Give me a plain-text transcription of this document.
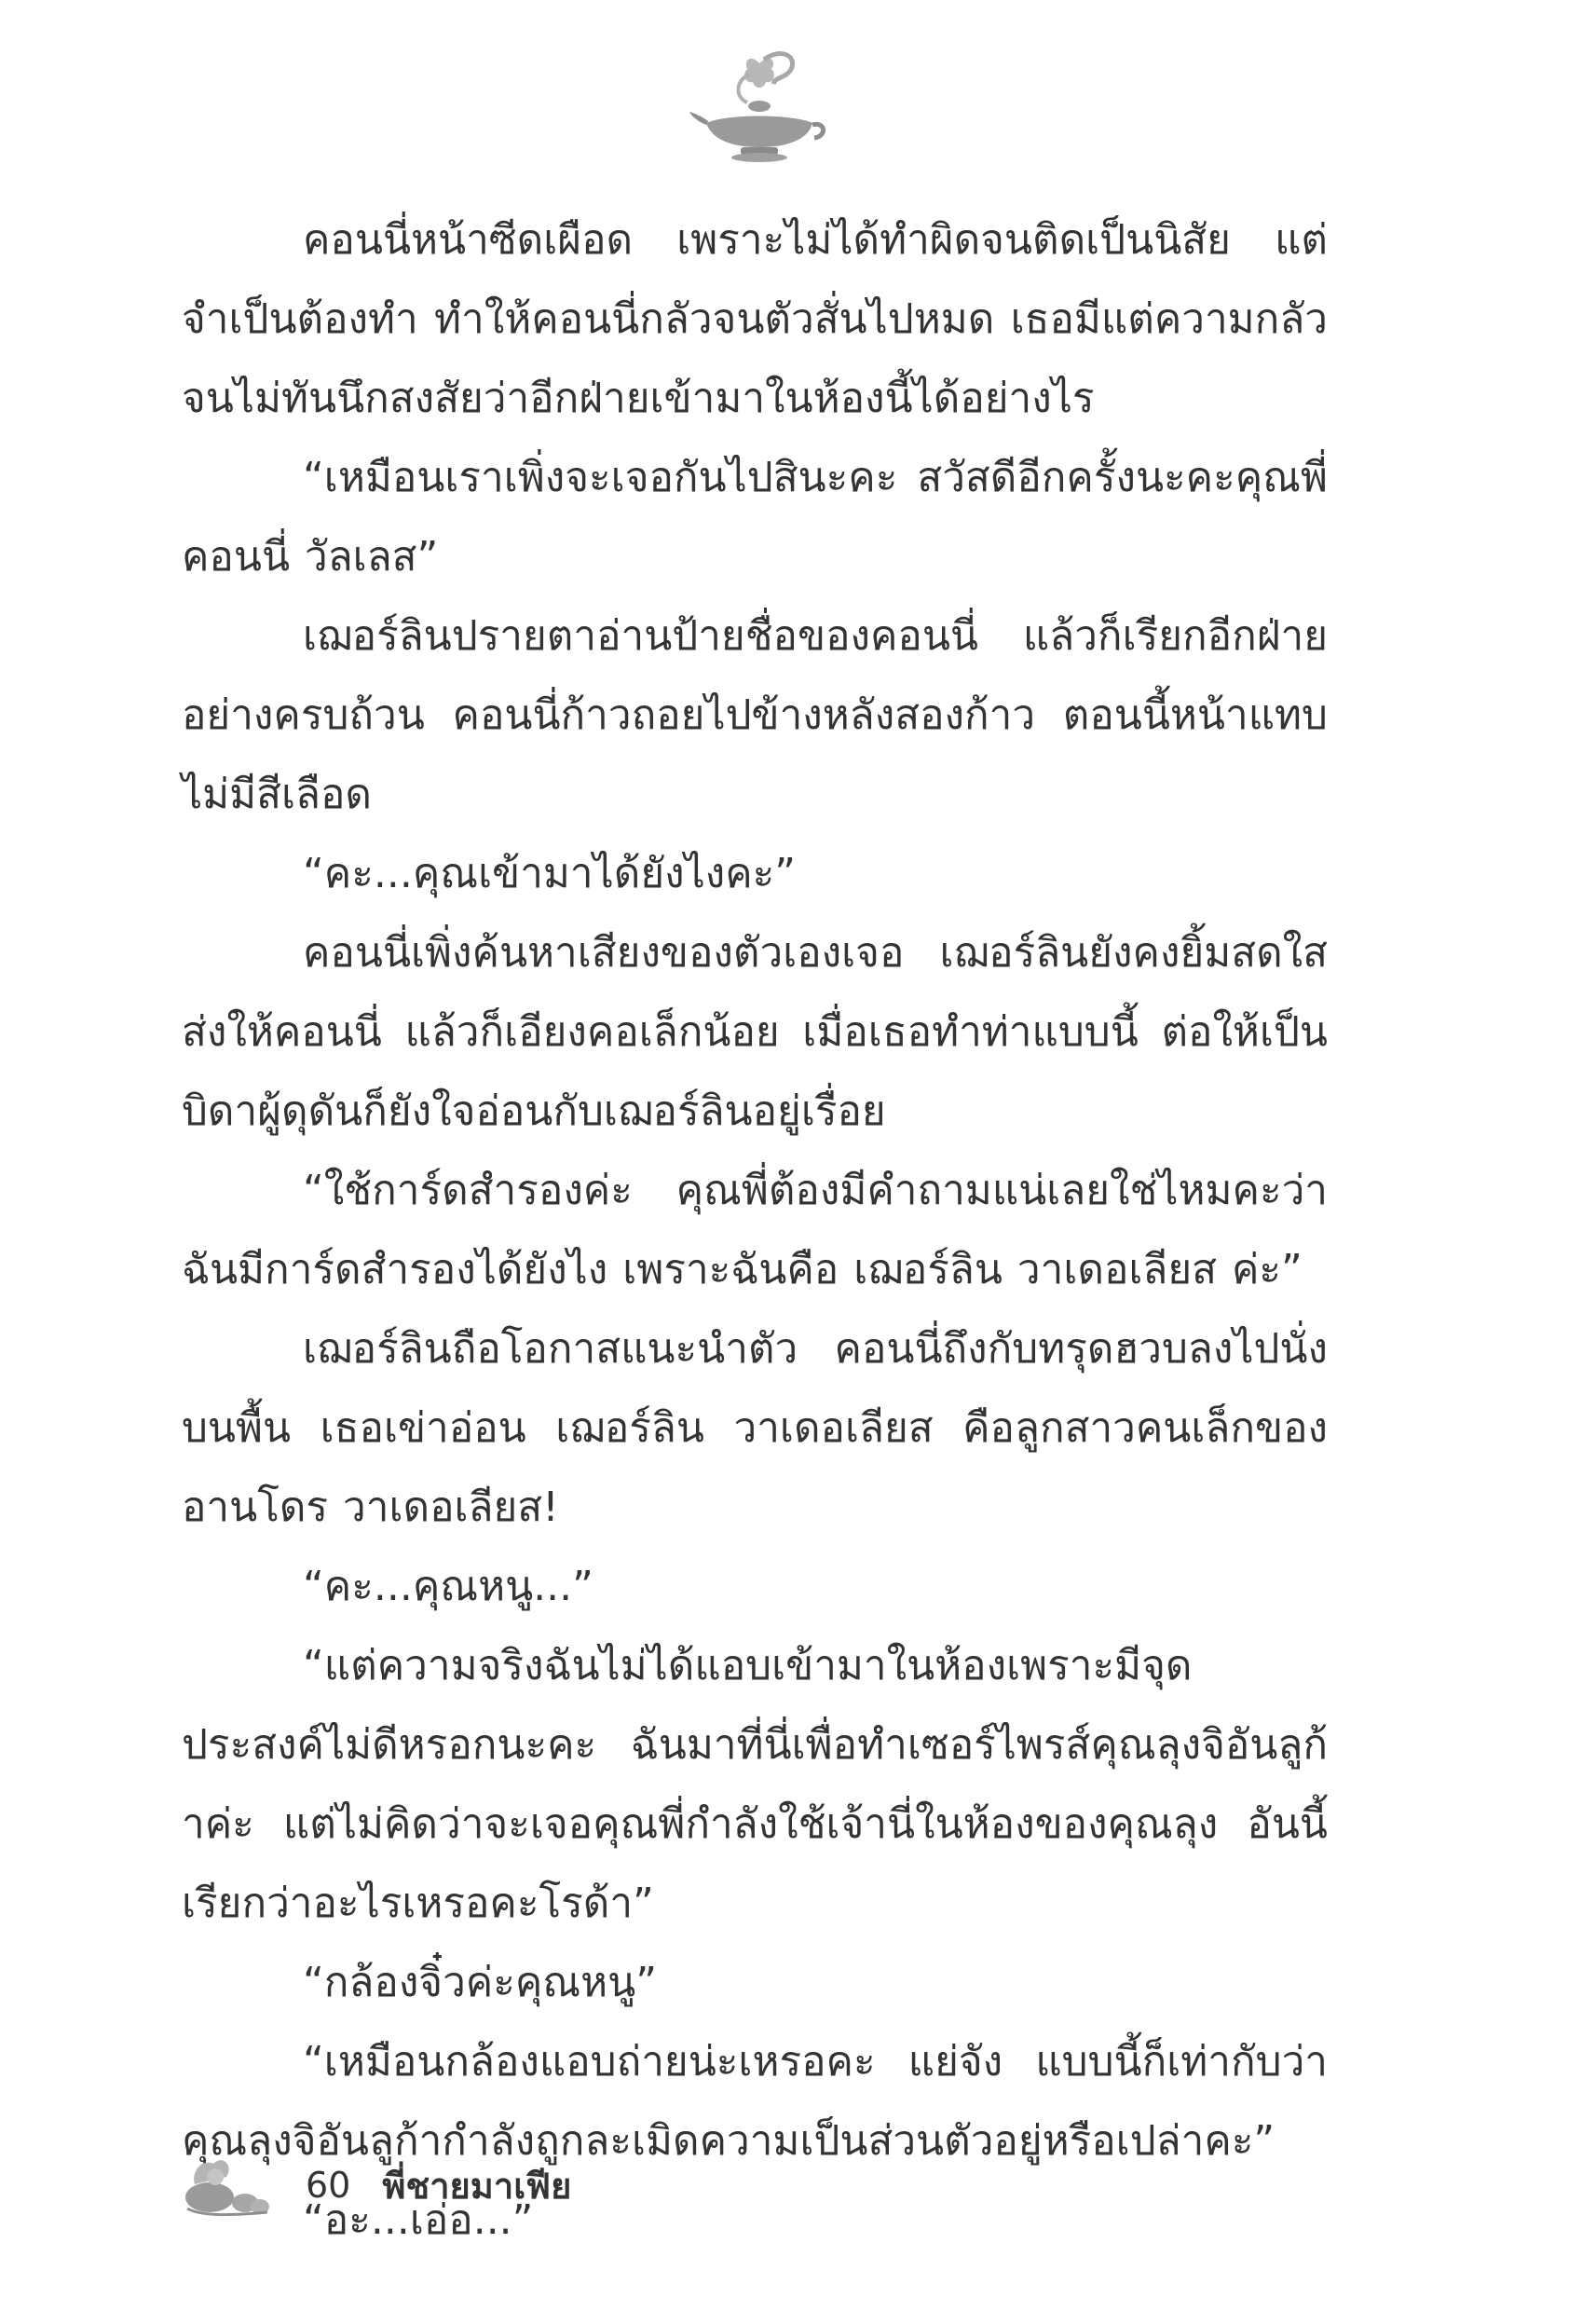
คอนนี่หน้าซีดเผือด เพราะไม่ได้ทำผิดจนติดเป็นนิสัย แต่จำเป็นต้องทำ ทำให้คอนนี่กลัวจนตัวสั่นไปหมด เธอมีแต่ความกลัว จนไม่ทันนึกสงสัยว่าอีกฝ่ายเข้ามาในห้องนี้ได้อย่างไร

“เหมือนเราเพิ่งจะเจอกันไปสินะคะ สวัสดีอีกครั้งนะคะคุณพี่คอนนี่ วัลเลส”

เฌอร์ลินปรายตาอ่านป้ายชื่อของคอนนี่ แล้วก็เรียกอีกฝ่ายอย่างครบถ้วน คอนนี่ก้าวถอยไปข้างหลังสองก้าว ตอนนี้หน้าแทบไม่มีสีเลือด

“คะ...คุณเข้ามาได้ยังไงคะ”

คอนนี่เพิ่งค้นหาเสียงของตัวเองเจอ เฌอร์ลินยังคงยิ้มสดใสส่งให้คอนนี่ แล้วก็เอียงคอเล็กน้อย เมื่อเธอทำท่าแบบนี้ ต่อให้เป็นบิดาผู้ดุดันก็ยังใจอ่อนกับเฌอร์ลินอยู่เรื่อย

“ใช้การ์ดสำรองค่ะ คุณพี่ต้องมีคำถามแน่เลยใช่ไหมคะว่าฉันมีการ์ดสำรองได้ยังไง เพราะฉันคือ เฌอร์ลิน วาเดอเลียส ค่ะ”

เฌอร์ลินถือโอกาสแนะนำตัว คอนนี่ถึงกับทรุดฮวบลงไปนั่งบนพื้น เธอเข่าอ่อน เฌอร์ลิน วาเดอเลียส คือลูกสาวคนเล็กของอานโดร วาเดอเลียส!

“คะ...คุณหนู...”

“แต่ความจริงฉันไม่ได้แอบเข้ามาในห้องเพราะมีจุดประสงค์ไม่ดีหรอกนะคะ ฉันมาที่นี่เพื่อทำเซอร์ไพรส์คุณลุงจิอันลูก้าค่ะ แต่ไม่คิดว่าจะเจอคุณพี่กำลังใช้เจ้านี่ในห้องของคุณลุง อันนี้เรียกว่าอะไรเหรอคะโรด้า”

“กล้องจิ๋วค่ะคุณหนู”

“เหมือนกล้องแอบถ่ายน่ะเหรอคะ แย่จัง แบบนี้ก็เท่ากับว่าคุณลุงจิอันลูก้ากำลังถูกละเมิดความเป็นส่วนตัวอยู่หรือเปล่าคะ”

“อะ...เอ่อ...”

60 พี่ชายมาเฟีย
